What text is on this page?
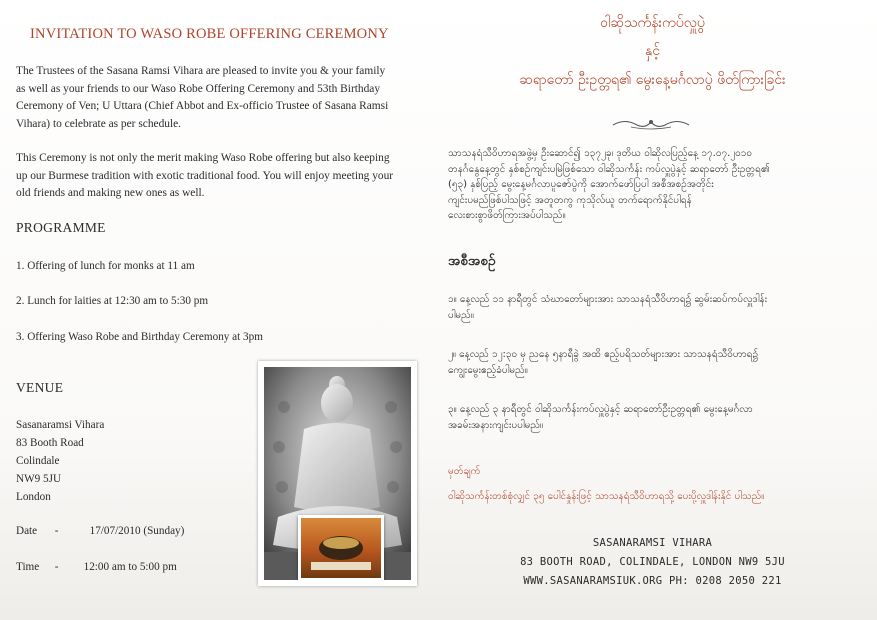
INVITATION TO WASO ROBE OFFERING CEREMONY
The Trustees of the Sasana Ramsi Vihara are pleased to invite you & your family
as well as your friends to our Waso Robe Offering Ceremony and 53th Birthday
Ceremony of Ven; U Uttara (Chief Abbot and Ex-officio Trustee of Sasana Ramsi
Vihara) to celebrate as per schedule.
This Ceremony is not only the merit making Waso Robe offering but also keeping
up our Burmese tradition with exotic traditional food. You will enjoy meeting your
old friends and making new ones as well.
PROGRAMME
1. Offering of lunch for monks at 11 am
2. Lunch for laities at 12:30 am to 5:30 pm
3. Offering Waso Robe and Birthday Ceremony at 3pm
VENUE
Sasanaramsi Vihara
83 Booth Road
Colindale
NW9 5JU
London
Date -	17/07/2010 (Sunday)
Time - 12:00 am to 5:00 pm
ဝါဆိုသင်္ကန်းကပ်လှူပွဲ
နှင့်
ဆရာတော် ဦးဥတ္တရ၏ မွေးနေ့မင်္ဂလာပွဲ ဖိတ်ကြားခြင်း
သာသနရံသီဝိဟာရအဖွဲ့မှ ဦးဆောင်၍ ၁၃၇၂ခု၊ ဒုတိယ ဝါဆိုလပြည့်နေ့ ၁၇.၀၇.၂၀၁၀
တနင်္ဂနွေနေ့တွင် နှစ်စဉ်ကျင်းပမြဲဖြစ်သော ဝါဆိုသင်္ကန်း ကပ်လှူပွဲနှင့် ဆရာတော် ဦးဥတ္တရ၏
(၅၃) နှစ်ပြည့် မွေးနေ့မင်္ဂလာပူဇော်ပွဲကို အောက်ဖော်ပြပါ အစီအစဉ်အတိုင်း
ကျင်းပမည်ဖြစ်ပါသဖြင့် အတူတကွ ကုသိုလ်ယူ တက်ရောက်နိုင်ပါရန်
လေးစားစွာဖိတ်ကြားအပ်ပါသည်။
အစီအစဉ်
၁။ နေ့လည် ၁၁ နာရီတွင် သံဃာတော်များအား သာသနရံသီဝိဟာရ၌ ဆွမ်းဆပ်ကပ်လှူဒါန်း
ပါမည်။
၂။ နေ့လည် ၁၂:၃၀ မှ ညနေ ၅နာရီခွဲ အထိ ဧည့်ပရိသတ်များအား သာသနရံသီဝိဟာရ၌
ကျွေးမွေးဧည့်ခံပါမည်။
၃။ နေ့လည် ၃ နာရီတွင် ဝါဆိုသင်္ကန်းကပ်လှူပွဲနှင့် ဆရာတော်ဦးဥတ္တရ၏ မွေးနေ့မင်္ဂလာ
အခမ်းအနားကျင်းပပါမည်။
မှတ်ချက်
ဝါဆိုသင်္ကန်းတစ်စုံလျှင် ၃၅ ပေါင်နှုန်းဖြင့် သာသနရံသီဝိဟာရသို့ ပေးပို့လှူဒါန်းနိုင် ပါသည်။
SASANARAMSI VIHARA
83 BOOTH ROAD, COLINDALE, LONDON NW9 5JU
WWW.SASANARAMSIUK.ORG PH: 0208 2050 221
